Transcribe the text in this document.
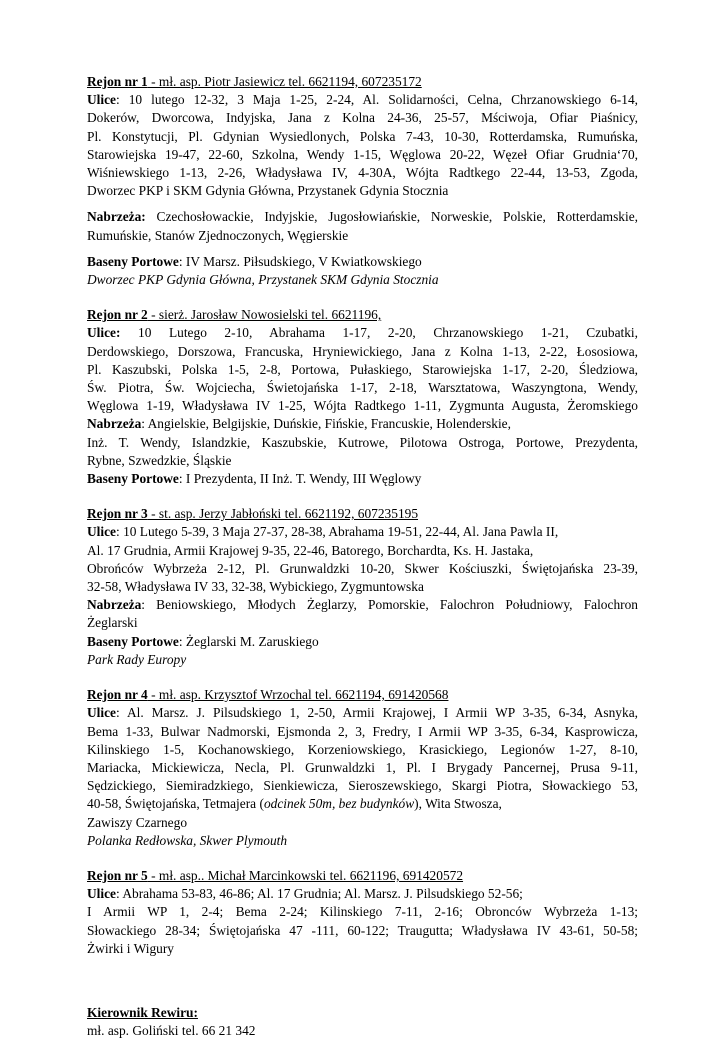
Rejon nr 1 - mł. asp. Piotr Jasiewicz tel. 6621194, 607235172
Ulice: 10 lutego 12-32, 3 Maja 1-25, 2-24, Al. Solidarności, Celna, Chrzanowskiego 6-14,
Dokerów, Dworcowa, Indyjska, Jana z Kolna 24-36, 25-57, Mściwoja, Ofiar Piaśnicy,
Pl. Konstytucji, Pl. Gdynian Wysiedlonych, Polska 7-43, 10-30, Rotterdamska, Rumuńska,
Starowiejska 19-47, 22-60, Szkolna, Wendy 1-15, Węglowa 20-22, Węzeł Ofiar Grudnia‘70,
Wiśniewskiego 1-13, 2-26, Władysława IV, 4-30A, Wójta Radtkego 22-44, 13-53, Zgoda,
Dworzec PKP i SKM Gdynia Główna, Przystanek Gdynia Stocznia
Nabrzeża: Czechosłowackie, Indyjskie, Jugosłowiańskie, Norweskie, Polskie, Rotterdamskie,
Rumuńskie, Stanów Zjednoczonych, Węgierskie
Baseny Portowe: IV Marsz. Piłsudskiego, V Kwiatkowskiego
Dworzec PKP Gdynia Główna, Przystanek SKM Gdynia Stocznia
Rejon nr 2 - sierż. Jarosław Nowosielski tel. 6621196,
Ulice: 10 Lutego 2-10, Abrahama 1-17, 2-20, Chrzanowskiego 1-21, Czubatki,
Derdowskiego, Dorszowa, Francuska, Hryniewickiego, Jana z Kolna 1-13, 2-22, Łososiowa,
Pl. Kaszubski, Polska 1-5, 2-8, Portowa, Pułaskiego, Starowiejska 1-17, 2-20, Śledziowa,
Św. Piotra, Św. Wojciecha, Świetojańska 1-17, 2-18, Warsztatowa, Waszyngtona, Wendy,
Węglowa 1-19, Władysława IV 1-25, Wójta Radtkego 1-11, Zygmunta Augusta, Żeromskiego
Nabrzeża: Angielskie, Belgijskie, Duńskie, Fińskie, Francuskie, Holenderskie,
Inż. T. Wendy, Islandzkie, Kaszubskie, Kutrowe, Pilotowa Ostroga, Portowe, Prezydenta,
Rybne, Szwedzkie, Śląskie
Baseny Portowe: I Prezydenta, II Inż. T. Wendy, III Węglowy
Rejon nr 3 - st. asp. Jerzy Jabłoński tel. 6621192, 607235195
Ulice: 10 Lutego 5-39, 3 Maja 27-37, 28-38, Abrahama 19-51, 22-44, Al. Jana Pawla II,
Al. 17 Grudnia, Armii Krajowej 9-35, 22-46, Batorego, Borchardta, Ks. H. Jastaka,
Obrońców Wybrzeża 2-12, Pl. Grunwaldzki 10-20, Skwer Kościuszki, Świętojańska 23-39,
32-58, Władysława IV 33, 32-38, Wybickiego, Zygmuntowska
Nabrzeża: Beniowskiego, Młodych Żeglarzy, Pomorskie, Falochron Południowy, Falochron
Żeglarski
Baseny Portowe: Żeglarski M. Zaruskiego
Park Rady Europy
Rejon nr 4 - mł. asp. Krzysztof Wrzochal tel. 6621194, 691420568
Ulice: Al. Marsz. J. Pilsudskiego 1, 2-50, Armii Krajowej, I Armii WP 3-35, 6-34, Asnyka,
Bema 1-33, Bulwar Nadmorski, Ejsmonda 2, 3, Fredry, I Armii WP 3-35, 6-34, Kasprowicza,
Kilinskiego 1-5, Kochanowskiego, Korzeniowskiego, Krasickiego, Legionów 1-27, 8-10,
Mariacka, Mickiewicza, Necla, Pl. Grunwaldzki 1, Pl. I Brygady Pancernej, Prusa 9-11,
Sędzickiego, Siemiradzkiego, Sienkiewicza, Sieroszewskiego, Skargi Piotra, Słowackiego 53,
40-58, Świętojańska, Tetmajera (odcinek 50m, bez budynków), Wita Stwosza,
Zawiszy Czarnego
Polanka Redłowska, Skwer Plymouth
Rejon nr 5 - mł. asp.. Michał Marcinkowski tel. 6621196, 691420572
Ulice: Abrahama 53-83, 46-86; Al. 17 Grudnia; Al. Marsz. J. Pilsudskiego 52-56;
I Armii WP 1, 2-4; Bema 2-24; Kilinskiego 7-11, 2-16; Obronców Wybrzeża 1-13;
Słowackiego 28-34; Świętojańska 47 -111, 60-122; Traugutta; Władysława IV 43-61, 50-58;
Żwirki i Wigury
Kierownik Rewiru:
mł. asp. Goliński tel. 66 21 342
